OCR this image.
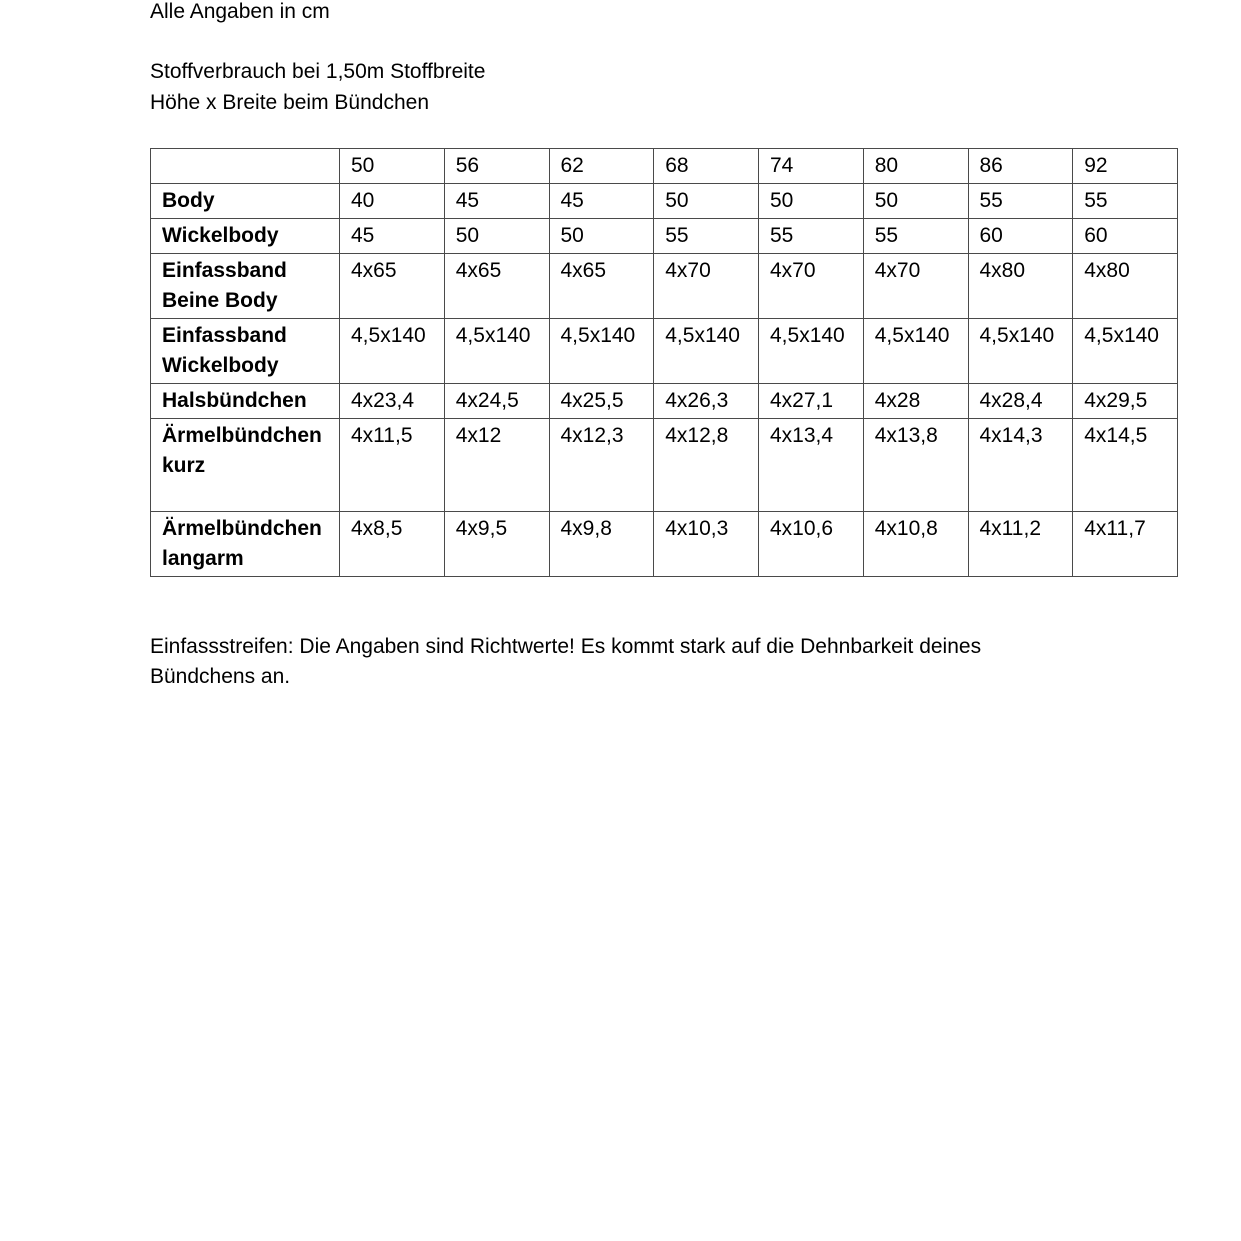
Alle Angaben in cm
Stoffverbrauch bei 1,50m Stoffbreite
Höhe x Breite beim Bündchen
	50	56	62	68	74	80	86	92
Body	40	45	45	50	50	50	55	55
Wickelbody	45	50	50	55	55	55	60	60
Einfassband Beine Body	4x65	4x65	4x65	4x70	4x70	4x70	4x80	4x80
Einfassband Wickelbody	4,5x140	4,5x140	4,5x140	4,5x140	4,5x140	4,5x140	4,5x140	4,5x140
Halsbündchen	4x23,4	4x24,5	4x25,5	4x26,3	4x27,1	4x28	4x28,4	4x29,5
Ärmelbündchen kurz	4x11,5	4x12	4x12,3	4x12,8	4x13,4	4x13,8	4x14,3	4x14,5
Ärmelbündchen langarm	4x8,5	4x9,5	4x9,8	4x10,3	4x10,6	4x10,8	4x11,2	4x11,7
Einfassstreifen: Die Angaben sind Richtwerte! Es kommt stark auf die Dehnbarkeit deines Bündchens an.
